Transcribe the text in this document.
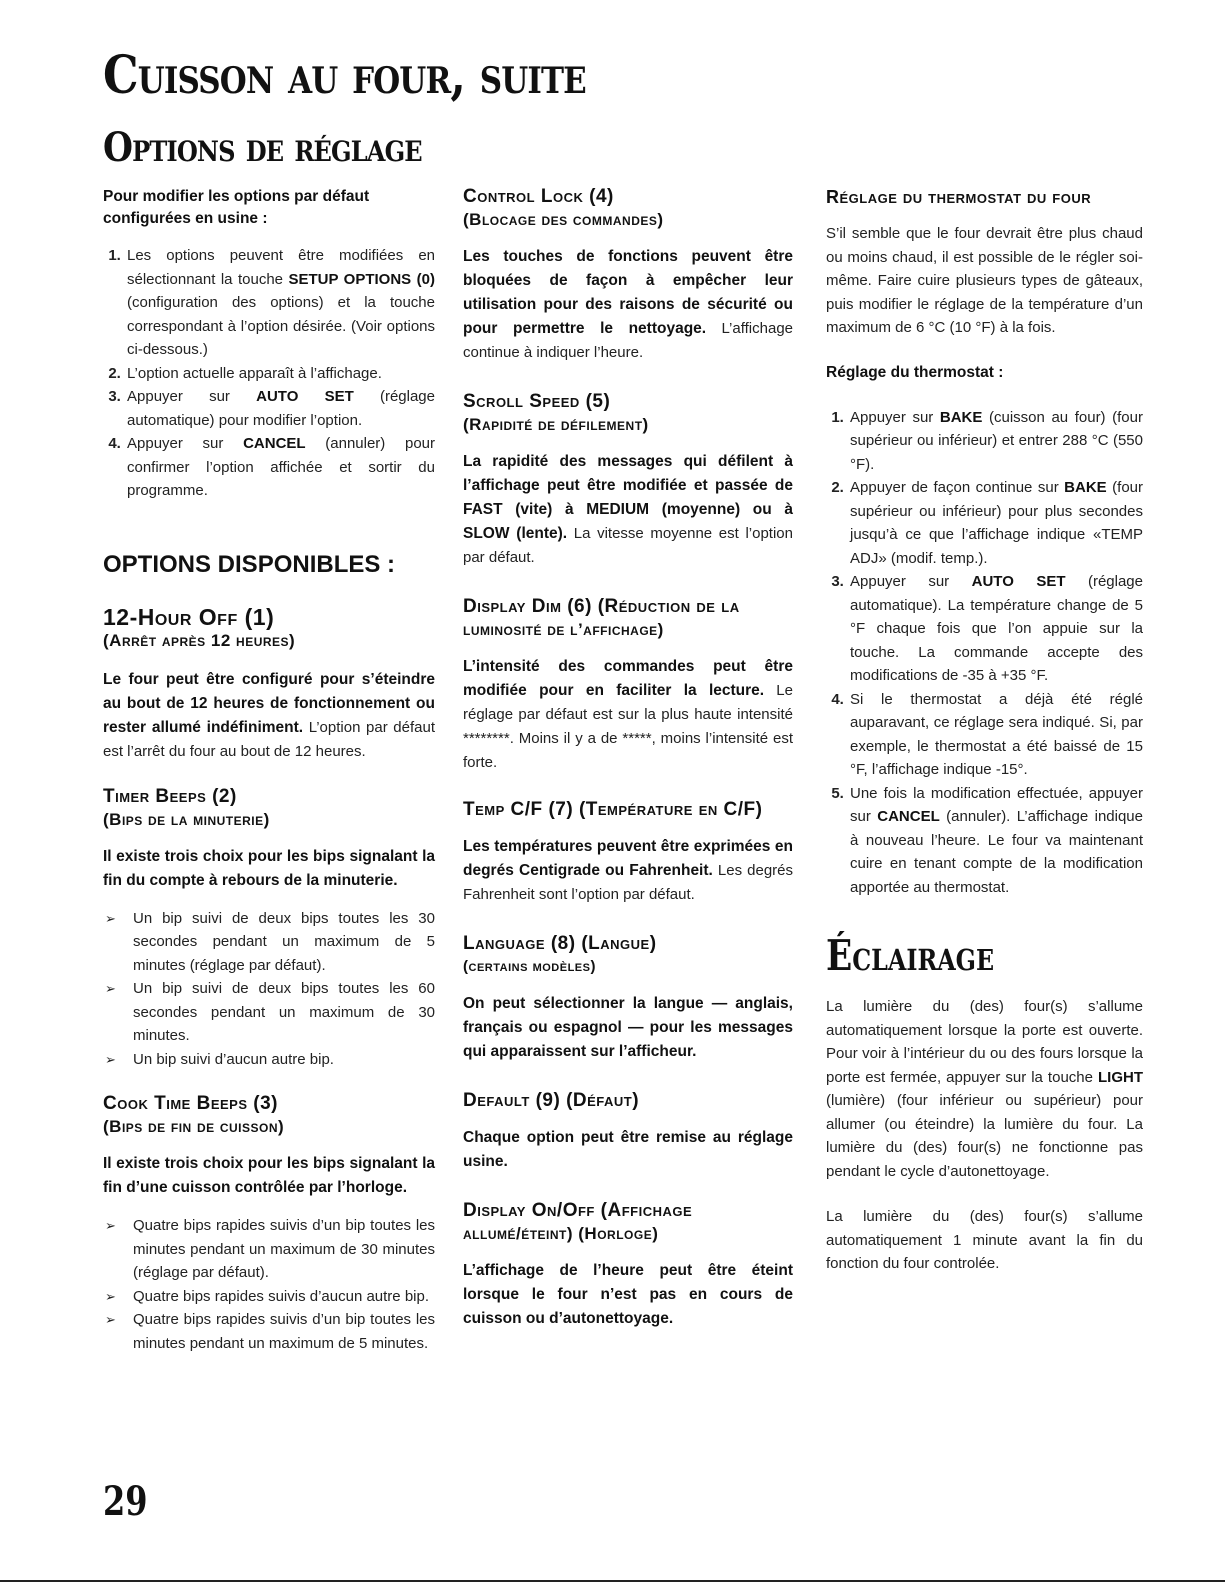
Cuisson au four, suite
Options de réglage

Pour modifier les options par défaut configurées en usine :

1. Les options peuvent être modifiées en sélectionnant la touche SETUP OPTIONS (0) (configuration des options) et la touche correspondant à l’option désirée. (Voir options ci-dessous.)
2. L’option actuelle apparaît à l’affichage.
3. Appuyer sur AUTO SET (réglage automatique) pour modifier l’option.
4. Appuyer sur CANCEL (annuler) pour confirmer l’option affichée et sortir du programme.
OPTIONS DISPONIBLES :
12-Hour Off (1)
(Arrêt après 12 heures)

Le four peut être configuré pour s’éteindre au bout de 12 heures de fonctionnement ou rester allumé indéfiniment. L’option par défaut est l’arrêt du four au bout de 12 heures.

Timer Beeps (2)
(Bips de la minuterie)

Il existe trois choix pour les bips signalant la fin du compte à rebours de la minuterie.

➢ Un bip suivi de deux bips toutes les 30 secondes pendant un maximum de 5 minutes (réglage par défaut).
➢ Un bip suivi de deux bips toutes les 60 secondes pendant un maximum de 30 minutes.
➢ Un bip suivi d’aucun autre bip.
Cook Time Beeps (3)
(Bips de fin de cuisson)

Il existe trois choix pour les bips signalant la fin d’une cuisson contrôlée par l’horloge.

➢ Quatre bips rapides suivis d’un bip toutes les minutes pendant un maximum de 30 minutes (réglage par défaut).
➢ Quatre bips rapides suivis d’aucun autre bip.
➢ Quatre bips rapides suivis d’un bip toutes les minutes pendant un maximum de 5 minutes.
Control Lock (4)
(Blocage des commandes)

Les touches de fonctions peuvent être bloquées de façon à empêcher leur utilisation pour des raisons de sécurité ou pour permettre le nettoyage. L’affichage continue à indiquer l’heure.

Scroll Speed (5)
(Rapidité de défilement)

La rapidité des messages qui défilent à l’affichage peut être modifiée et passée de FAST (vite) à MEDIUM (moyenne) ou à SLOW (lente). La vitesse moyenne est l’option par défaut.

Display Dim (6) (Réduction de la
luminosité de l’affichage)

L’intensité des commandes peut être modifiée pour en faciliter la lecture. Le réglage par défaut est sur la plus haute intensité ********. Moins il y a de *****, moins l’intensité est forte.

Temp C/F (7) (Température en C/F)

Les températures peuvent être exprimées en degrés Centigrade ou Fahrenheit. Les degrés Fahrenheit sont l’option par défaut.

Language (8) (Langue)
(certains modèles)

On peut sélectionner la langue — anglais, français ou espagnol — pour les messages qui apparaissent sur l’afficheur.

Default (9) (Défaut)

Chaque option peut être remise au réglage usine.

Display On/Off (Affichage
allumé/éteint) (Horloge)

L’affichage de l’heure peut être éteint lorsque le four n’est pas en cours de cuisson ou d’autonettoyage.

Réglage du thermostat du four

S’il semble que le four devrait être plus chaud ou moins chaud, il est possible de le régler soi-même. Faire cuire plusieurs types de gâteaux, puis modifier le réglage de la température d’un maximum de 6 °C (10 °F) à la fois.

Réglage du thermostat :

1. Appuyer sur BAKE (cuisson au four) (four supérieur ou inférieur) et entrer 288 °C (550 °F).
2. Appuyer de façon continue sur BAKE (four supérieur ou inférieur) pour plus secondes jusqu’à ce que l’affichage indique «TEMP ADJ» (modif. temp.).
3. Appuyer sur AUTO SET (réglage automatique). La température change de 5 °F chaque fois que l’on appuie sur la touche. La commande accepte des modifications de -35 à +35 °F.
4. Si le thermostat a déjà été réglé auparavant, ce réglage sera indiqué. Si, par exemple, le thermostat a été baissé de 15 °F, l’affichage indique -15°.
5. Une fois la modification effectuée, appuyer sur CANCEL (annuler). L’affichage indique à nouveau l’heure. Le four va maintenant cuire en tenant compte de la modification apportée au thermostat.
Éclairage

La lumière du (des) four(s) s’allume automatiquement lorsque la porte est ouverte. Pour voir à l’intérieur du ou des fours lorsque la porte est fermée, appuyer sur la touche LIGHT (lumière) (four inférieur ou supérieur) pour allumer (ou éteindre) la lumière du four. La lumière du (des) four(s) ne fonctionne pas pendant le cycle d’autonettoyage.

La lumière du (des) four(s) s’allume automatiquement 1 minute avant la fin du fonction du four controlée.

29
